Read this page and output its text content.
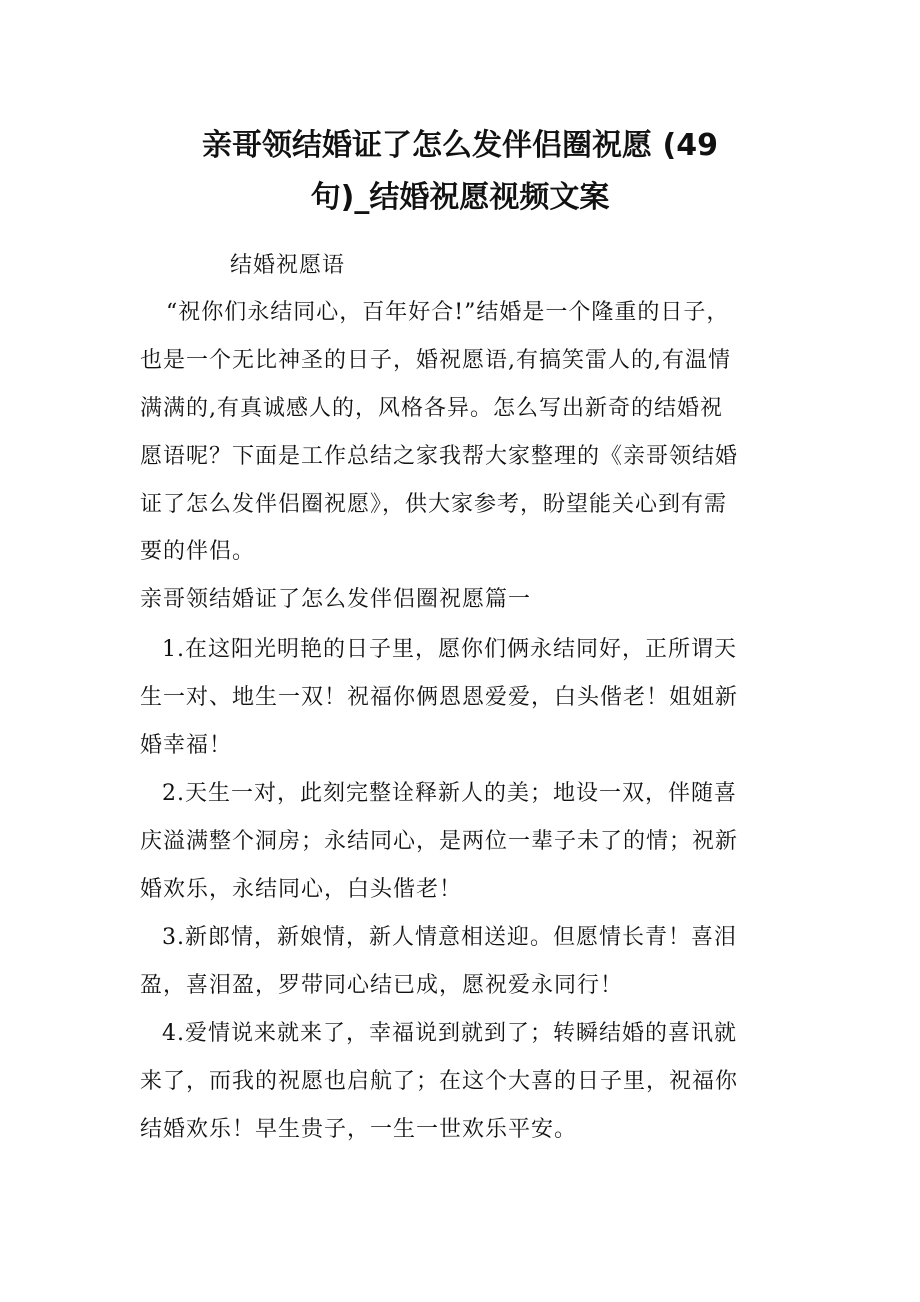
亲哥领结婚证了怎么发伴侣圈祝愿 (49
句)_结婚祝愿视频文案
结婚祝愿语
“祝你们永结同心，百年好合!”结婚是一个隆重的日子，
也是一个无比神圣的日子，婚祝愿语,有搞笑雷人的,有温情
满满的,有真诚感人的，风格各异。怎么写出新奇的结婚祝
愿语呢？下面是工作总结之家我帮大家整理的《亲哥领结婚
证了怎么发伴侣圈祝愿》，供大家参考，盼望能关心到有需
要的伴侣。
亲哥领结婚证了怎么发伴侣圈祝愿篇一
1.在这阳光明艳的日子里，愿你们俩永结同好，正所谓天
生一对、地生一双！祝福你俩恩恩爱爱，白头偕老！姐姐新
婚幸福！
2.天生一对，此刻完整诠释新人的美；地设一双，伴随喜
庆溢满整个洞房；永结同心，是两位一辈子未了的情；祝新
婚欢乐，永结同心，白头偕老！
3.新郎情，新娘情，新人情意相送迎。但愿情长青！喜泪
盈，喜泪盈，罗带同心结已成，愿祝爱永同行！
4.爱情说来就来了，幸福说到就到了；转瞬结婚的喜讯就
来了，而我的祝愿也启航了；在这个大喜的日子里，祝福你
结婚欢乐！早生贵子，一生一世欢乐平安。
